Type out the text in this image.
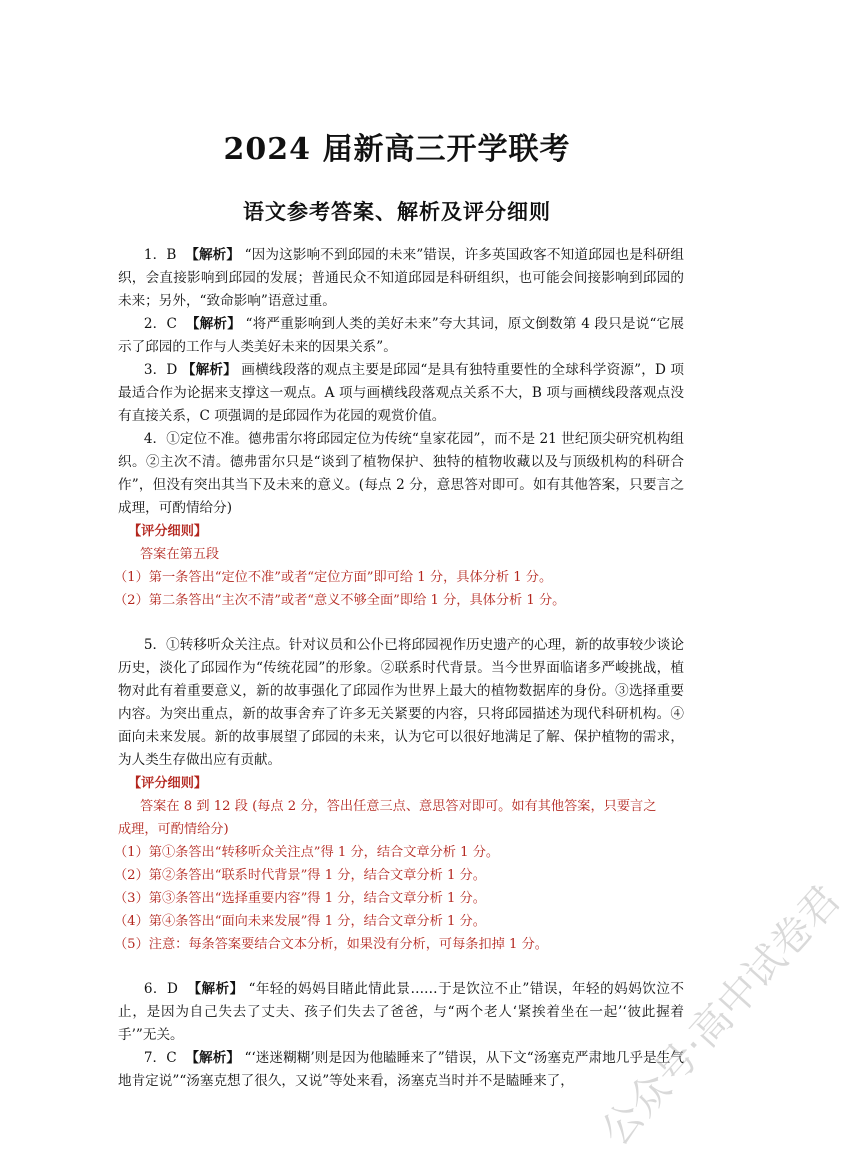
2024 届新高三开学联考
语文参考答案、解析及评分细则

1．B 【解析】 “因为这影响不到邱园的未来”错误，许多英国政客不知道邱园也是科研组织，会直接影响到邱园的发展；普通民众不知道邱园是科研组织，也可能会间接影响到邱园的未来；另外，“致命影响”语意过重。

2．C 【解析】 “将严重影响到人类的美好未来”夸大其词，原文倒数第 4 段只是说“它展示了邱园的工作与人类美好未来的因果关系”。

3．D 【解析】 画横线段落的观点主要是邱园“是具有独特重要性的全球科学资源”，D 项最适合作为论据来支撑这一观点。A 项与画横线段落观点关系不大，B 项与画横线段落观点没有直接关系，C 项强调的是邱园作为花园的观赏价值。

4．①定位不准。德弗雷尔将邱园定位为传统“皇家花园”，而不是 21 世纪顶尖研究机构组织。②主次不清。德弗雷尔只是“谈到了植物保护、独特的植物收藏以及与顶级机构的科研合作”，但没有突出其当下及未来的意义。(每点 2 分，意思答对即可。如有其他答案，只要言之成理，可酌情给分)

【评分细则】
答案在第五段
（1）第一条答出“定位不准”或者“定位方面”即可给 1 分，具体分析 1 分。
（2）第二条答出“主次不清”或者“意义不够全面”即给 1 分，具体分析 1 分。

5．①转移听众关注点。针对议员和公仆已将邱园视作历史遗产的心理，新的故事较少谈论历史，淡化了邱园作为“传统花园”的形象。②联系时代背景。当今世界面临诸多严峻挑战，植物对此有着重要意义，新的故事强化了邱园作为世界上最大的植物数据库的身份。③选择重要内容。为突出重点，新的故事舍弃了许多无关紧要的内容，只将邱园描述为现代科研机构。④面向未来发展。新的故事展望了邱园的未来，认为它可以很好地满足了解、保护植物的需求，为人类生存做出应有贡献。

【评分细则】
答案在 8 到 12 段 (每点 2 分，答出任意三点、意思答对即可。如有其他答案，只要言之
成理，可酌情给分)
（1）第①条答出“转移听众关注点”得 1 分，结合文章分析 1 分。
（2）第②条答出“联系时代背景”得 1 分，结合文章分析 1 分。
（3）第③条答出“选择重要内容”得 1 分，结合文章分析 1 分。
（4）第④条答出“面向未来发展”得 1 分，结合文章分析 1 分。
（5）注意：每条答案要结合文本分析，如果没有分析，可每条扣掉 1 分。

6．D 【解析】 “年轻的妈妈目睹此情此景……于是饮泣不止”错误，年轻的妈妈饮泣不止，是因为自己失去了丈夫、孩子们失去了爸爸，与“两个老人‘紧挨着坐在一起’‘彼此握着手’”无关。

7．C 【解析】 “‘迷迷糊糊’则是因为他瞌睡来了”错误，从下文“汤塞克严肃地几乎是生气地肯定说”“汤塞克想了很久，又说”等处来看，汤塞克当时并不是瞌睡来了， 公众号·高中试卷君
